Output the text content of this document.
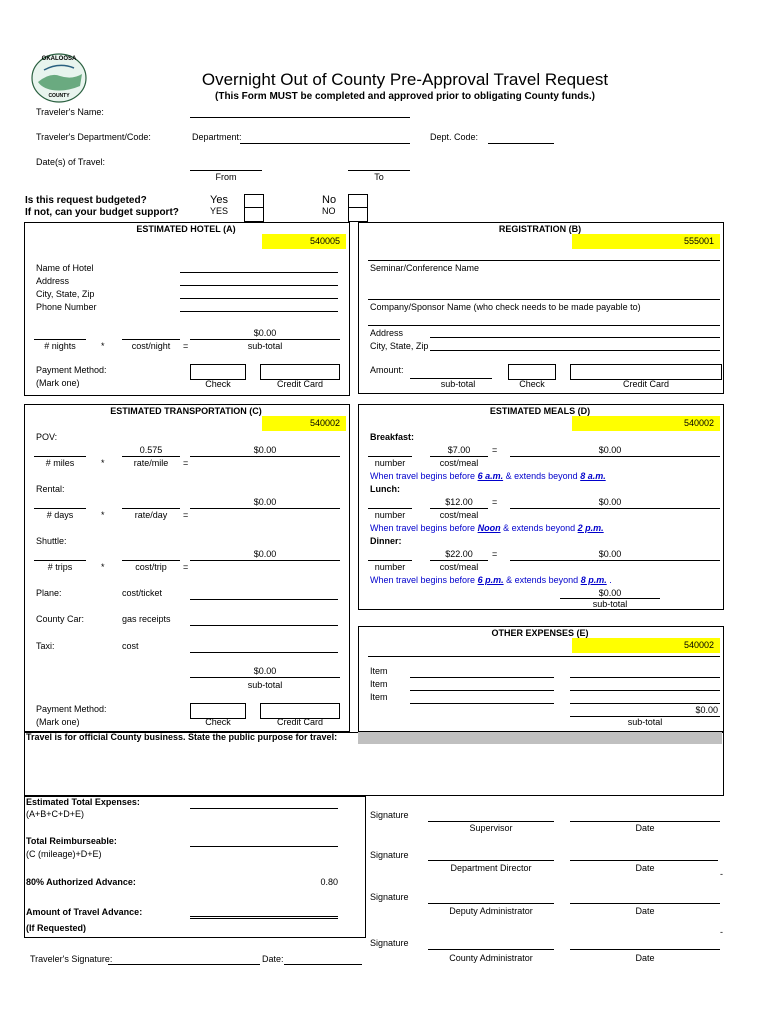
OKALOOSA
COUNTY
Overnight Out of County Pre-Approval Travel Request
(This Form MUST be completed and approved prior to obligating County funds.)
Traveler's Name:
Traveler's Department/Code:	Department:	Dept. Code:
Date(s) of Travel:
From	To
Is this request budgeted?
If not, can your budget support?
Yes
YES
No
NO
ESTIMATED HOTEL (A)
540005
Name of Hotel
Address
City, State, Zip
Phone Number
$0.00
# nights	*	cost/night	=	sub-total
Payment Method:
(Mark one)	Check	Credit Card
REGISTRATION (B)
555001
Seminar/Conference Name
Company/Sponsor Name (who check needs to be made payable to)
Address
City, State, Zip
Amount:
sub-total	Check	Credit Card
ESTIMATED TRANSPORTATION (C)
540002
POV:
0.575	$0.00
# miles	*	rate/mile	=
Rental:
$0.00
# days	*	rate/day	=
Shuttle:
$0.00
# trips	*	cost/trip	=
Plane:	cost/ticket
County Car:	gas receipts
Taxi:	cost
$0.00
sub-total
Payment Method:
(Mark one)	Check	Credit Card
ESTIMATED MEALS (D)
540002
Breakfast:
$7.00	=	$0.00
number	cost/meal
When travel begins before 6 a.m. & extends beyond 8 a.m.
Lunch:
$12.00	=	$0.00
number	cost/meal
When travel begins before Noon & extends beyond 2 p.m.
Dinner:
$22.00	=	$0.00
number	cost/meal
When travel begins before 6 p.m. & extends beyond 8 p.m. .
$0.00
sub-total
OTHER EXPENSES (E)
540002
Item
Item
Item
$0.00
sub-total
Travel is for official County business. State the public purpose for travel:
Estimated Total Expenses:
(A+B+C+D+E)
Total Reimburseable:
(C (mileage)+D+E)
80% Authorized Advance:	0.80
Amount of Travel Advance:
(If Requested)
Signature
Supervisor	Date
Signature
Department Director	Date
-
Signature
Deputy Administrator	Date
-
Signature
County Administrator	Date
Traveler's Signature:	Date:
